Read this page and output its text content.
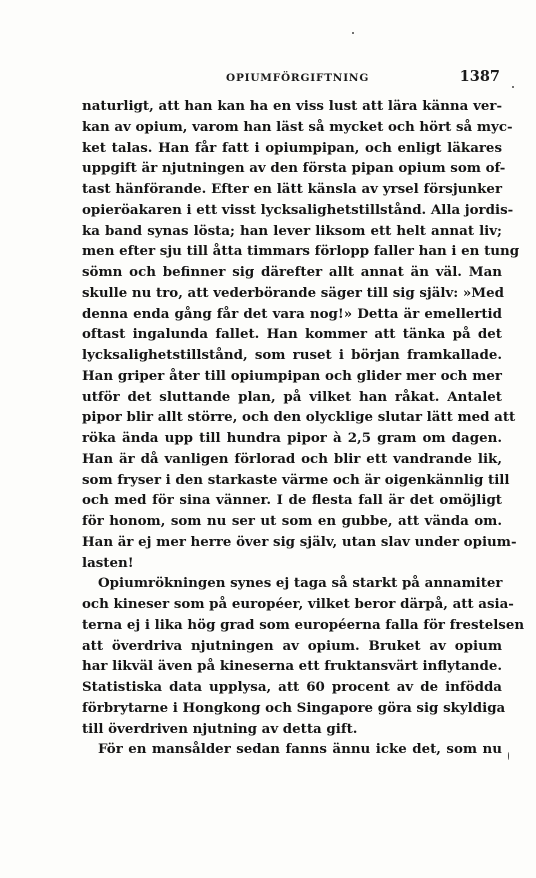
OPIUMFÖRGIFTNING	1387
naturligt, att han kan ha en viss lust att lära känna ver-
kan av opium, varom han läst så mycket och hört så myc-
ket talas. Han får fatt i opiumpipan, och enligt läkares
uppgift är njutningen av den första pipan opium som of-
tast hänförande. Efter en lätt känsla av yrsel försjunker
opieröakaren i ett visst lycksalighetstillstånd. Alla jordis-
ka band synas lösta; han lever liksom ett helt annat liv;
men efter sju till åtta timmars förlopp faller han i en tung
sömn och befinner sig därefter allt annat än väl. Man
skulle nu tro, att vederbörande säger till sig själv: »Med
denna enda gång får det vara nog!» Detta är emellertid
oftast ingalunda fallet. Han kommer att tänka på det
lycksalighetstillstånd, som ruset i början framkallade.
Han griper åter till opiumpipan och glider mer och mer
utför det sluttande plan, på vilket han råkat. Antalet
pipor blir allt större, och den olycklige slutar lätt med att
röka ända upp till hundra pipor à 2,5 gram om dagen.
Han är då vanligen förlorad och blir ett vandrande lik,
som fryser i den starkaste värme och är oigenkännlig till
och med för sina vänner. I de flesta fall är det omöjligt
för honom, som nu ser ut som en gubbe, att vända om.
Han är ej mer herre över sig själv, utan slav under opium-
lasten!
Opiumrökningen synes ej taga så starkt på annamiter
och kineser som på européer, vilket beror därpå, att asia-
terna ej i lika hög grad som européerna falla för frestelsen
att överdriva njutningen av opium. Bruket av opium
har likväl även på kineserna ett fruktansvärt inflytande.
Statistiska data upplysa, att 60 procent av de infödda
förbrytarne i Hongkong och Singapore göra sig skyldiga
till överdriven njutning av detta gift.
För en mansålder sedan fanns ännu icke det, som nu
